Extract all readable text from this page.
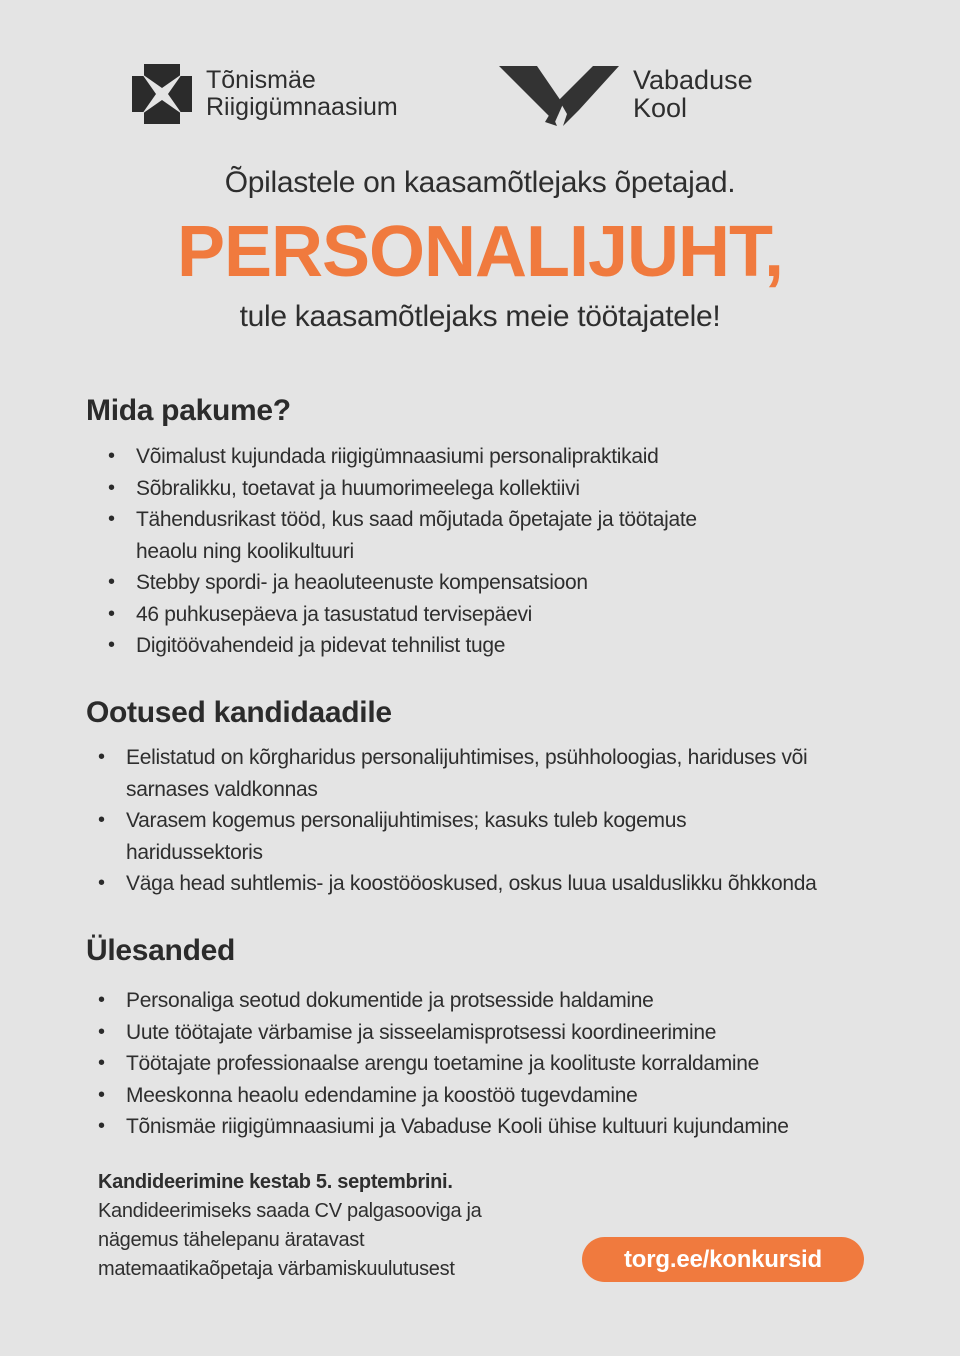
Tõnismäe
Riigigümnaasium
Vabaduse
Kool
Õpilastele on kaasamõtlejaks õpetajad.
PERSONALIJUHT,
tule kaasamõtlejaks meie töötajatele!
Mida pakume?
• Võimalust kujundada riigigümnaasiumi personalipraktikaid
• Sõbralikku, toetavat ja huumorimeelega kollektiivi
• Tähendusrikast tööd, kus saad mõjutada õpetajate ja töötajate
heaolu ning koolikultuuri
• Stebby spordi- ja heaoluteenuste kompensatsioon
• 46 puhkusepäeva ja tasustatud tervisepäevi
• Digitöövahendeid ja pidevat tehnilist tuge
Ootused kandidaadile
• Eelistatud on kõrgharidus personalijuhtimises, psühholoogias, hariduses või
sarnases valdkonnas
• Varasem kogemus personalijuhtimises; kasuks tuleb kogemus
haridussektoris
• Väga head suhtlemis- ja koostööoskused, oskus luua usalduslikku õhkkonda
Ülesanded
• Personaliga seotud dokumentide ja protsesside haldamine
• Uute töötajate värbamise ja sisseelamisprotsessi koordineerimine
• Töötajate professionaalse arengu toetamine ja koolituste korraldamine
• Meeskonna heaolu edendamine ja koostöö tugevdamine
• Tõnismäe riigigümnaasiumi ja Vabaduse Kooli ühise kultuuri kujundamine
Kandideerimine kestab 5. septembrini.
Kandideerimiseks saada CV palgasooviga ja
nägemus tähelepanu äratavast
matemaatikaõpetaja värbamiskuulutusest	torg.ee/konkursid
